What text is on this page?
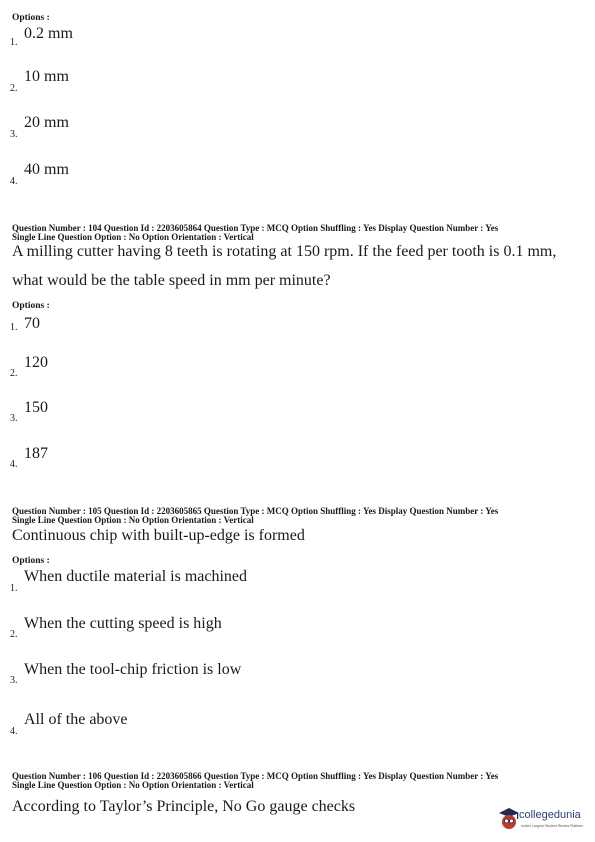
Options :
1.
0.2 mm
2.
10 mm
3.
20 mm
4.
40 mm
Question Number : 104 Question Id : 2203605864 Question Type : MCQ Option Shuffling : Yes Display Question Number : Yes
Single Line Question Option : No Option Orientation : Vertical
A milling cutter having 8 teeth is rotating at 150 rpm. If the feed per tooth is 0.1 mm,
what would be the table speed in mm per minute?
Options :
1. 70
2.
120
3.
150
4.
187
Question Number : 105 Question Id : 2203605865 Question Type : MCQ Option Shuffling : Yes Display Question Number : Yes
Single Line Question Option : No Option Orientation : Vertical
Continuous chip with built-up-edge is formed
Options :
1.
When ductile material is machined
2.
When the cutting speed is high
3.
When the tool-chip friction is low
4.
All of the above
Question Number : 106 Question Id : 2203605866 Question Type : MCQ Option Shuffling : Yes Display Question Number : Yes
Single Line Question Option : No Option Orientation : Vertical
According to Taylor’s Principle, No Go gauge checks	collegedunia
India's Largest Student Review Platform
